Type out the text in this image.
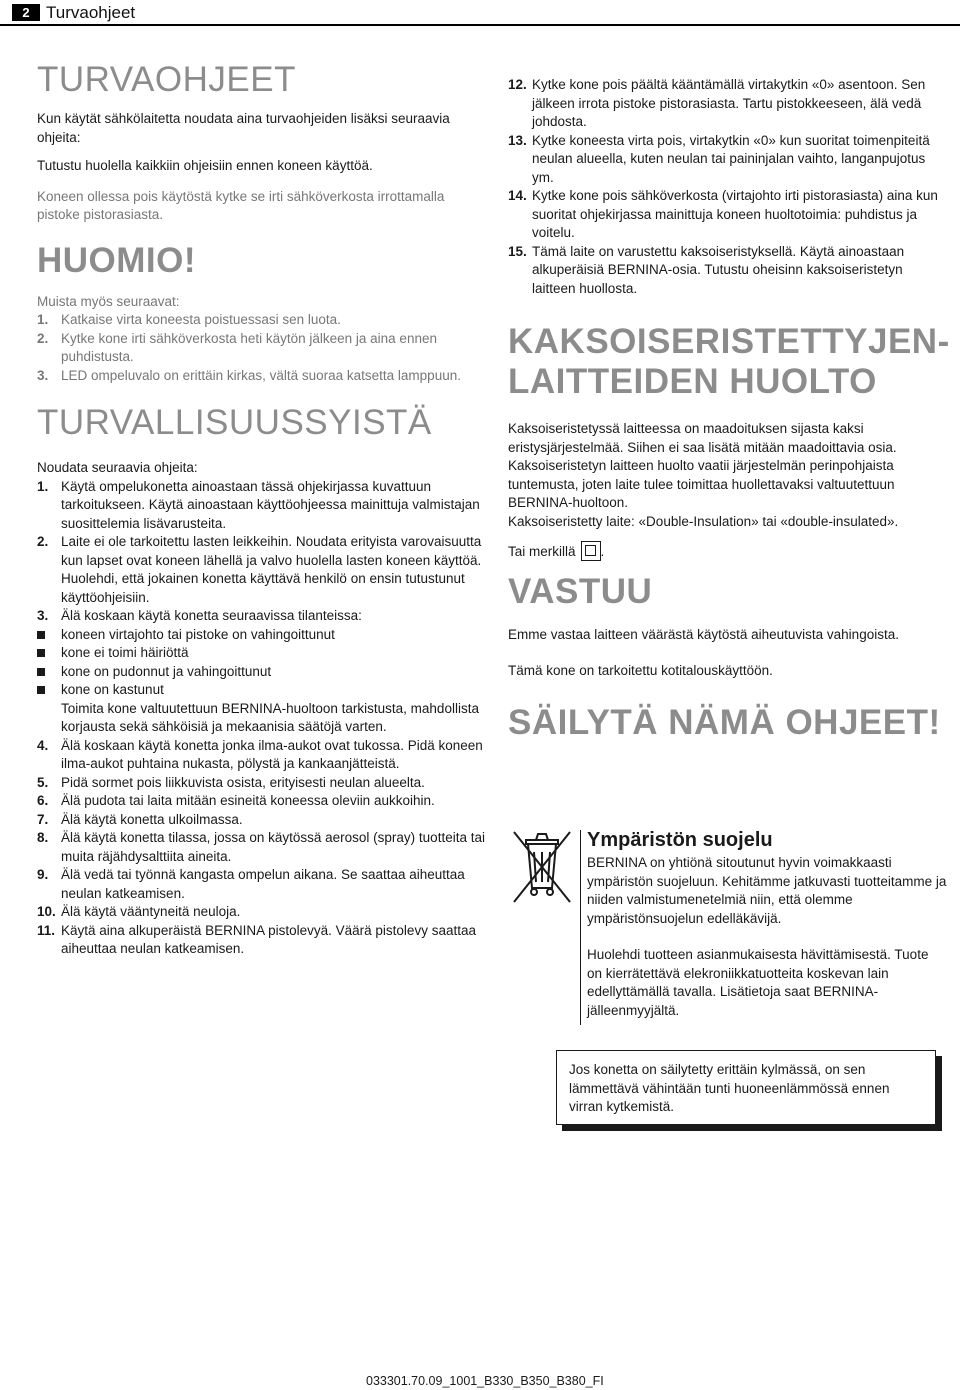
2 Turvaohjeet
TURVAOHJEET

Kun käytät sähkölaitetta noudata aina turvaohjeiden lisäksi seuraavia ohjeita:

Tutustu huolella kaikkiin ohjeisiin ennen koneen käyttöä.

Koneen ollessa pois käytöstä kytke se irti sähköverkosta irrottamalla pistoke pistorasiasta.

HUOMIO!

Muista myös seuraavat:

1. Katkaise virta koneesta poistuessasi sen luota.
2. Kytke kone irti sähköverkosta heti käytön jälkeen ja aina ennen puhdistusta.
3. LED ompeluvalo on erittäin kirkas, vältä suoraa katsetta lamppuun.
TURVALLISUUSSYISTÄ

Noudata seuraavia ohjeita:

1. Käytä ompelukonetta ainoastaan tässä ohjekirjassa kuvattuun tarkoitukseen. Käytä ainoastaan käyttöohjeessa mainittuja valmistajan suosittelemia lisävarusteita.
2. Laite ei ole tarkoitettu lasten leikkeihin. Noudata erityista varovaisuutta kun lapset ovat koneen lähellä ja valvo huolella lasten koneen käyttöä. Huolehdi, että jokainen konetta käyttävä henkilö on ensin tutustunut käyttöohjeisiin.
3. Älä koskaan käytä konetta seuraavissa tilanteissa:
koneen virtajohto tai pistoke on vahingoittunut
kone ei toimi häiriöttä
kone on pudonnut ja vahingoittunut
kone on kastunut
Toimita kone valtuutettuun BERNINA-huoltoon tarkistusta, mahdollista korjausta sekä sähköisiä ja mekaanisia säätöjä varten.
4. Älä koskaan käytä konetta jonka ilma-aukot ovat tukossa. Pidä koneen ilma-aukot puhtaina nukasta, pölystä ja kankaanjätteistä.
5. Pidä sormet pois liikkuvista osista, erityisesti neulan alueelta.
6. Älä pudota tai laita mitään esineitä koneessa oleviin aukkoihin.
7. Älä käytä konetta ulkoilmassa.
8. Älä käytä konetta tilassa, jossa on käytössä aerosol (spray) tuotteita tai muita räjähdysalttiita aineita.
9. Älä vedä tai työnnä kangasta ompelun aikana. Se saattaa aiheuttaa neulan katkeamisen.
10. Älä käytä vääntyneitä neuloja.
11. Käytä aina alkuperäistä BERNINA pistolevyä. Väärä pistolevy saattaa aiheuttaa neulan katkeamisen.
12. Kytke kone pois päältä kääntämällä virtakytkin «0» asentoon. Sen jälkeen irrota pistoke pistorasiasta. Tartu pistokkeeseen, älä vedä johdosta.
13. Kytke koneesta virta pois, virtakytkin «0» kun suoritat toimenpiteitä neulan alueella, kuten neulan tai paininjalan vaihto, langanpujotus ym.
14. Kytke kone pois sähköverkosta (virtajohto irti pistorasiasta) aina kun suoritat ohjekirjassa mainittuja koneen huoltotoimia: puhdistus ja voitelu.
15. Tämä laite on varustettu kaksoiseristyksellä. Käytä ainoastaan alkuperäisiä BERNINA-osia. Tutustu oheisinn kaksoiseristetyn laitteen huollosta.
KAKSOISERISTETTYJEN-
LAITTEIDEN HUOLTO

Kaksoiseristetyssä laitteessa on maadoituksen sijasta kaksi eristysjärjestelmää. Siihen ei saa lisätä mitään maadoittavia osia. Kaksoiseristetyn laitteen huolto vaatii järjestelmän perinpohjaista tuntemusta, joten laite tulee toimittaa huollettavaksi valtuutettuun BERNINA-huoltoon.

Kaksoiseristetty laite: «Double-Insulation» tai «double-insulated».

Tai merkillä .

VASTUU

Emme vastaa laitteen väärästä käytöstä aiheutuvista vahingoista.

Tämä kone on tarkoitettu kotitalouskäyttöön.

SÄILYTÄ NÄMÄ OHJEET!
Ympäristön suojelu

BERNINA on yhtiönä sitoutunut hyvin voimakkaasti ympäristön suojeluun. Kehitämme jatkuvasti tuotteitamme ja niiden valmistumenetelmiä niin, että olemme ympäristönsuojelun edelläkävijä.

Huolehdi tuotteen asianmukaisesta hävittämisestä. Tuote on kierrätettävä elekroniikkatuotteita koskevan lain edellyttämällä tavalla. Lisätietoja saat BERNINA-jälleenmyyjältä.

Jos konetta on säilytetty erittäin kylmässä, on sen lämmettävä vähintään tunti huoneenlämmössä ennen virran kytkemistä.
033301.70.09_1001_B330_B350_B380_FI
